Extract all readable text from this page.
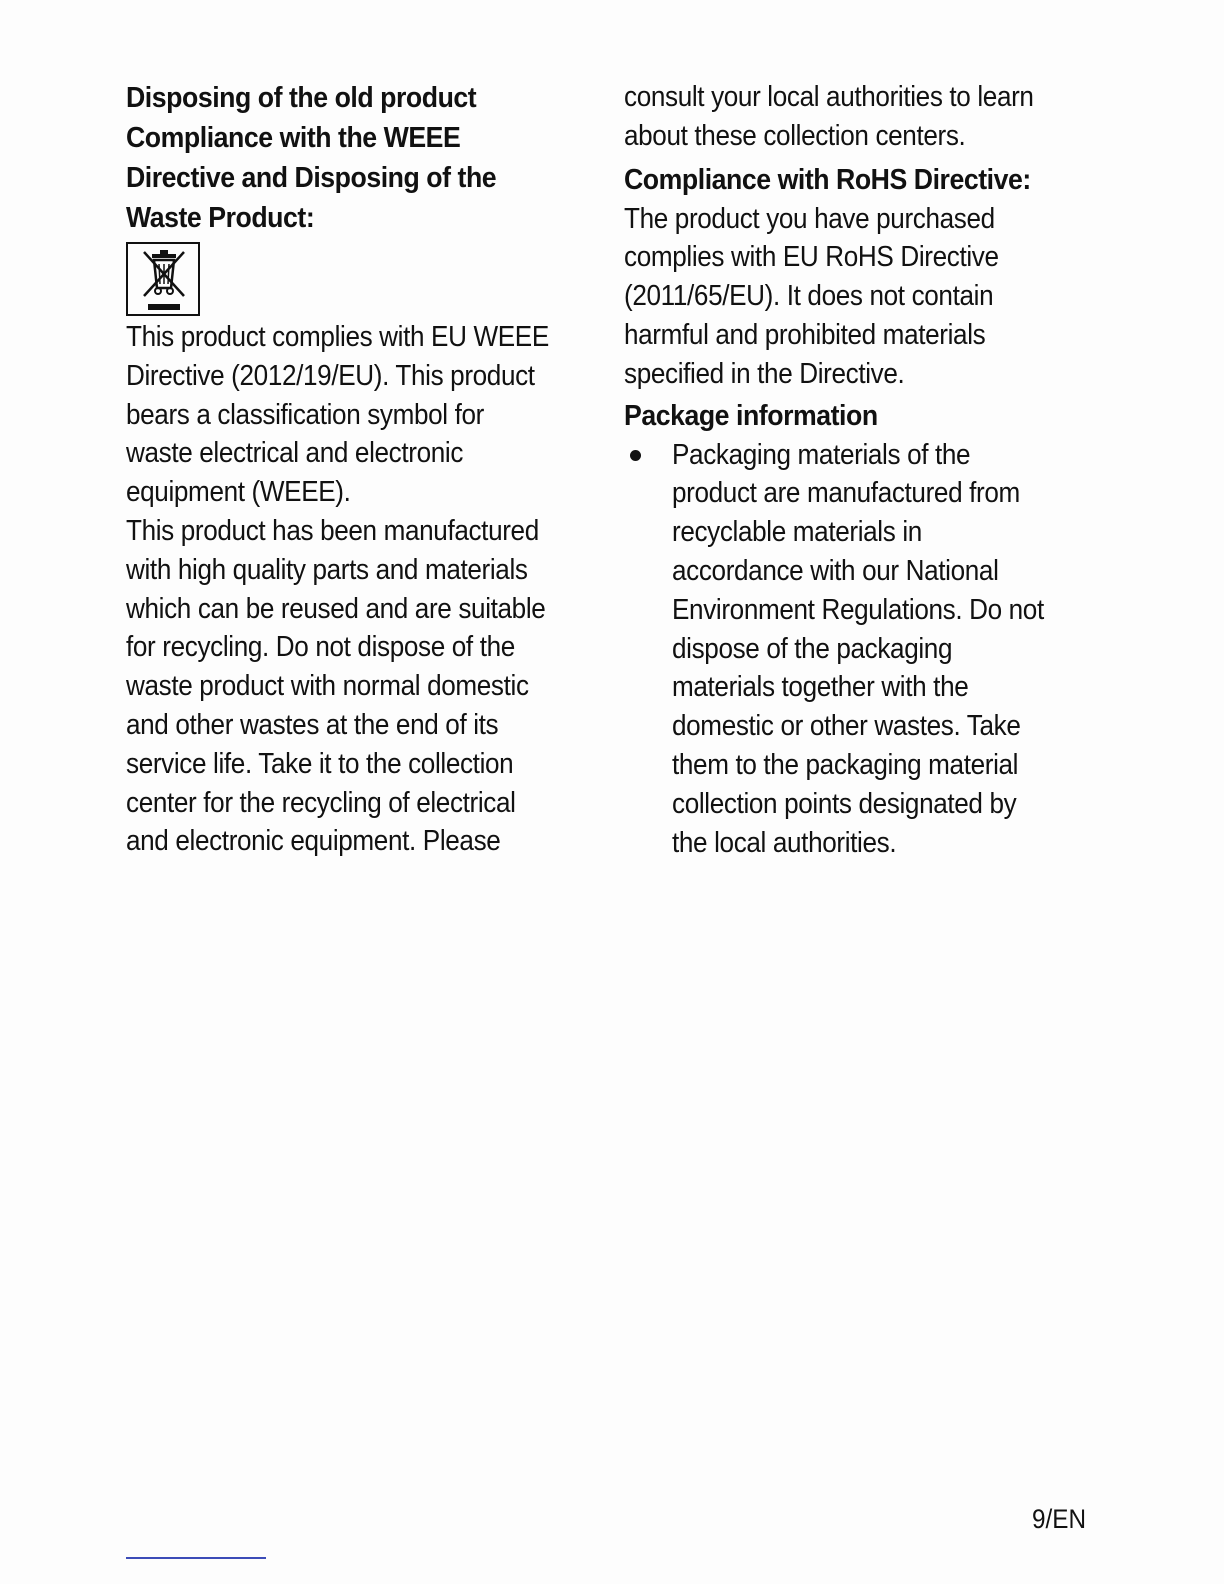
Disposing of the old product

Compliance with the WEEE

Directive and Disposing of the

Waste Product:

This product complies with EU WEEE

Directive (2012/19/EU). This product

bears a classification symbol for

waste electrical and electronic

equipment (WEEE).

This product has been manufactured

with high quality parts and materials

which can be reused and are suitable

for recycling. Do not dispose of the

waste product with normal domestic

and other wastes at the end of its

service life. Take it to the collection

center for the recycling of electrical

and electronic equipment. Please

consult your local authorities to learn

about these collection centers.

Compliance with RoHS Directive:

The product you have purchased

complies with EU RoHS Directive

(2011/65/EU). It does not contain

harmful and prohibited materials

specified in the Directive.

Package information

Packaging materials of the

product are manufactured from

recyclable materials in

accordance with our National

Environment Regulations. Do not

dispose of the packaging

materials together with the

domestic or other wastes. Take

them to the packaging material

collection points designated by

the local authorities.

9/EN
